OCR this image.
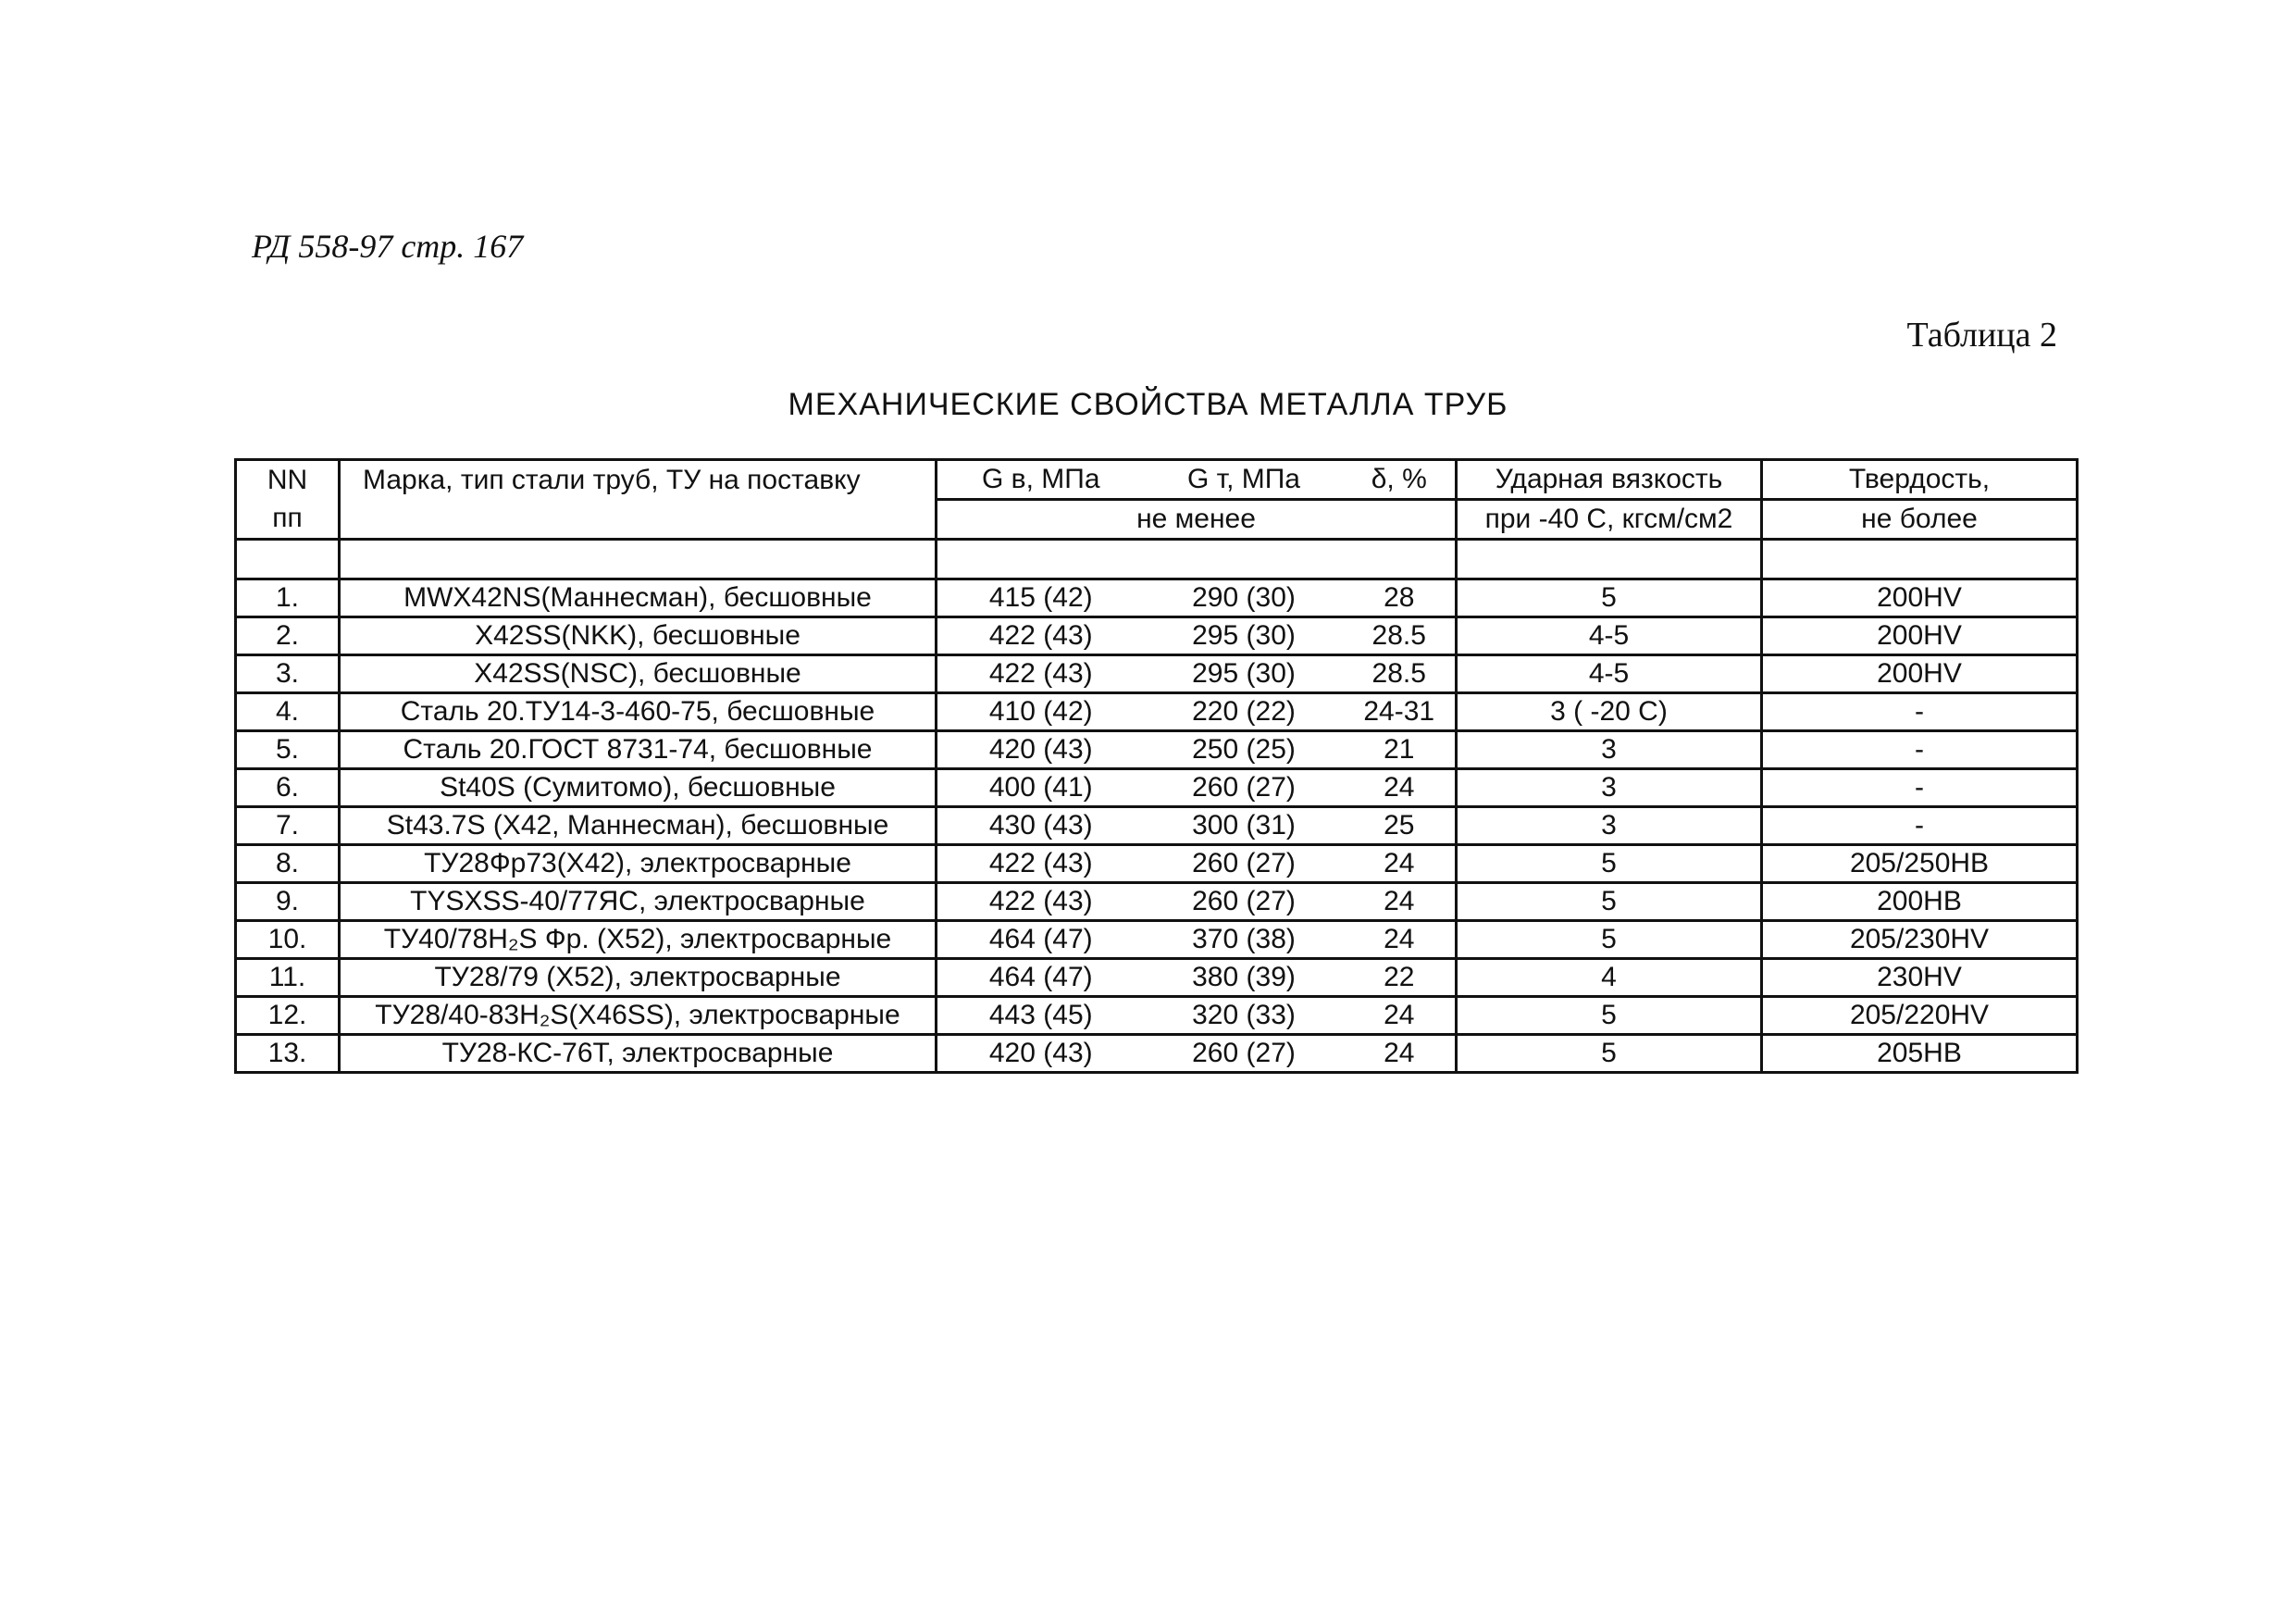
РД 558-97 стр. 167
Таблица 2
МЕХАНИЧЕСКИЕ СВОЙСТВА МЕТАЛЛА ТРУБ
NN	Марка, тип стали труб, ТУ на поставку	G в, МПа	G т, МПа	δ, %	Ударная вязкость	Твердость,
пп		не менее			при -40 С, кгсм/см2	не более

1.	MWX42NS(Маннесман), бесшовные	415 (42)	290 (30)	28	5	200HV
2.	X42SS(NKK), бесшовные	422 (43)	295 (30)	28.5	4-5	200HV
3.	X42SS(NSC), бесшовные	422 (43)	295 (30)	28.5	4-5	200HV
4.	Сталь 20.ТУ14-3-460-75, бесшовные	410 (42)	220 (22)	24-31	3 ( -20 С)	-
5.	Сталь 20.ГОСТ 8731-74, бесшовные	420 (43)	250 (25)	21	3	-
6.	St40S (Сумитомо), бесшовные	400 (41)	260 (27)	24	3	-
7.	St43.7S (X42, Маннесман), бесшовные	430 (43)	300 (31)	25	3	-
8.	ТУ28Фр73(X42), электросварные	422 (43)	260 (27)	24	5	205/250НВ
9.	TYSXSS-40/77ЯС, электросварные	422 (43)	260 (27)	24	5	200НВ
10.	ТУ40/78H₂S Фр. (X52), электросварные	464 (47)	370 (38)	24	5	205/230HV
11.	ТУ28/79 (X52), электросварные	464 (47)	380 (39)	22	4	230HV
12.	ТУ28/40-83H₂S(X46SS), электросварные	443 (45)	320 (33)	24	5	205/220HV
13.	ТУ28-КС-76Т, электросварные	420 (43)	260 (27)	24	5	205НВ
